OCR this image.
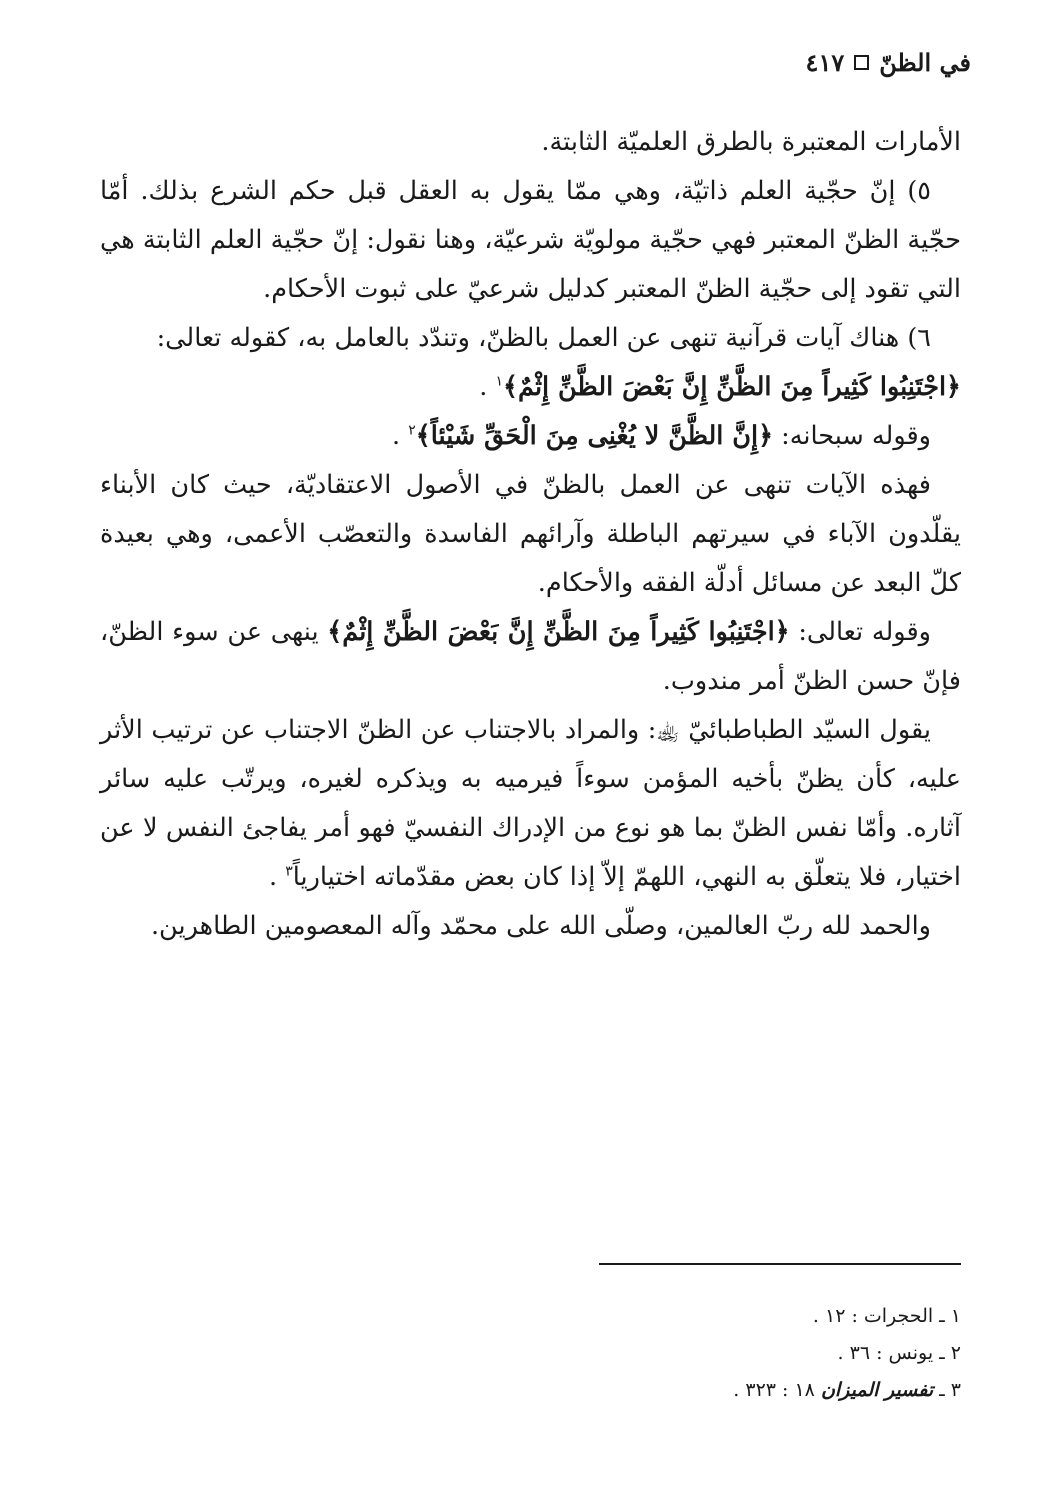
في الظنّ
٤١٧

الأمارات المعتبرة بالطرق العلميّة الثابتة.

٥) إنّ حجّية العلم ذاتيّة، وهي ممّا يقول به العقل قبل حكم الشرع بذلك. أمّا حجّية الظنّ المعتبر فهي حجّية مولويّة شرعيّة، وهنا نقول: إنّ حجّية العلم الثابتة هي التي تقود إلى حجّية الظنّ المعتبر كدليل شرعيّ على ثبوت الأحكام.

٦) هناك آيات قرآنية تنهى عن العمل بالظنّ، وتندّد بالعامل به، كقوله تعالى:
﴿اجْتَنِبُوا كَثِيراً مِنَ الظَّنِّ إِنَّ بَعْضَ الظَّنِّ إِثْمٌ﴾$^١$ .

وقوله سبحانه: ﴿إِنَّ الظَّنَّ لا يُغْنِى مِنَ الْحَقِّ شَيْئاً﴾$^٢$ .

فهذه الآيات تنهى عن العمل بالظنّ في الأصول الاعتقاديّة، حيث كان الأبناء يقلّدون الآباء في سيرتهم الباطلة وآرائهم الفاسدة والتعصّب الأعمى، وهي بعيدة كلّ البعد عن مسائل أدلّة الفقه والأحكام.

وقوله تعالى: ﴿اجْتَنِبُوا كَثِيراً مِنَ الظَّنِّ إِنَّ بَعْضَ الظَّنِّ إِثْمٌ﴾ ينهى عن سوء الظنّ، فإنّ حسن الظنّ أمر مندوب.

يقول السيّد الطباطبائيّ ﵀: والمراد بالاجتناب عن الظنّ الاجتناب عن ترتيب الأثر عليه، كأن يظنّ بأخيه المؤمن سوءاً فيرميه به ويذكره لغيره، ويرتّب عليه سائر آثاره. وأمّا نفس الظنّ بما هو نوع من الإدراك النفسيّ فهو أمر يفاجئ النفس لا عن اختيار، فلا يتعلّق به النهي، اللهمّ إلاّ إذا كان بعض مقدّماته اختيارياً$^٣$ .

والحمد لله ربّ العالمين، وصلّى الله على محمّد وآله المعصومين الطاهرين.

١ ـ الحجرات : ١٢ .

٢ ـ يونس : ٣٦ .

٣ ـ تفسير الميزان ١٨ : ٣٢٣ .
